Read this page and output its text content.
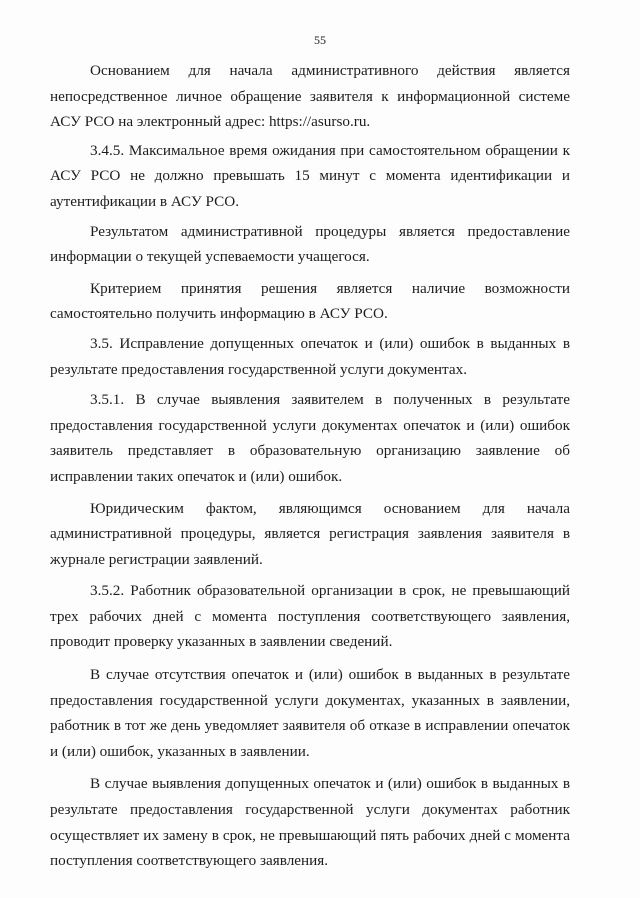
55

Основанием для начала административного действия является непосредственное личное обращение заявителя к информационной системе АСУ РСО на электронный адрес: https://asurso.ru.

3.4.5. Максимальное время ожидания при самостоятельном обращении к АСУ РСО не должно превышать 15 минут с момента идентификации и аутентификации в АСУ РСО.

Результатом административной процедуры является предоставление информации о текущей успеваемости учащегося.

Критерием принятия решения является наличие возможности самостоятельно получить информацию в АСУ РСО.

3.5. Исправление допущенных опечаток и (или) ошибок в выданных в результате предоставления государственной услуги документах.

3.5.1. В случае выявления заявителем в полученных в результате предоставления государственной услуги документах опечаток и (или) ошибок заявитель представляет в образовательную организацию заявление об исправлении таких опечаток и (или) ошибок.

Юридическим фактом, являющимся основанием для начала административной процедуры, является регистрация заявления заявителя в журнале регистрации заявлений.

3.5.2. Работник образовательной организации в срок, не превышающий трех рабочих дней с момента поступления соответствующего заявления, проводит проверку указанных в заявлении сведений.

В случае отсутствия опечаток и (или) ошибок в выданных в результате предоставления государственной услуги документах, указанных в заявлении, работник в тот же день уведомляет заявителя об отказе в исправлении опечаток и (или) ошибок, указанных в заявлении.

В случае выявления допущенных опечаток и (или) ошибок в выданных в результате предоставления государственной услуги документах работник осуществляет их замену в срок, не превышающий пять рабочих дней с момента поступления соответствующего заявления.
